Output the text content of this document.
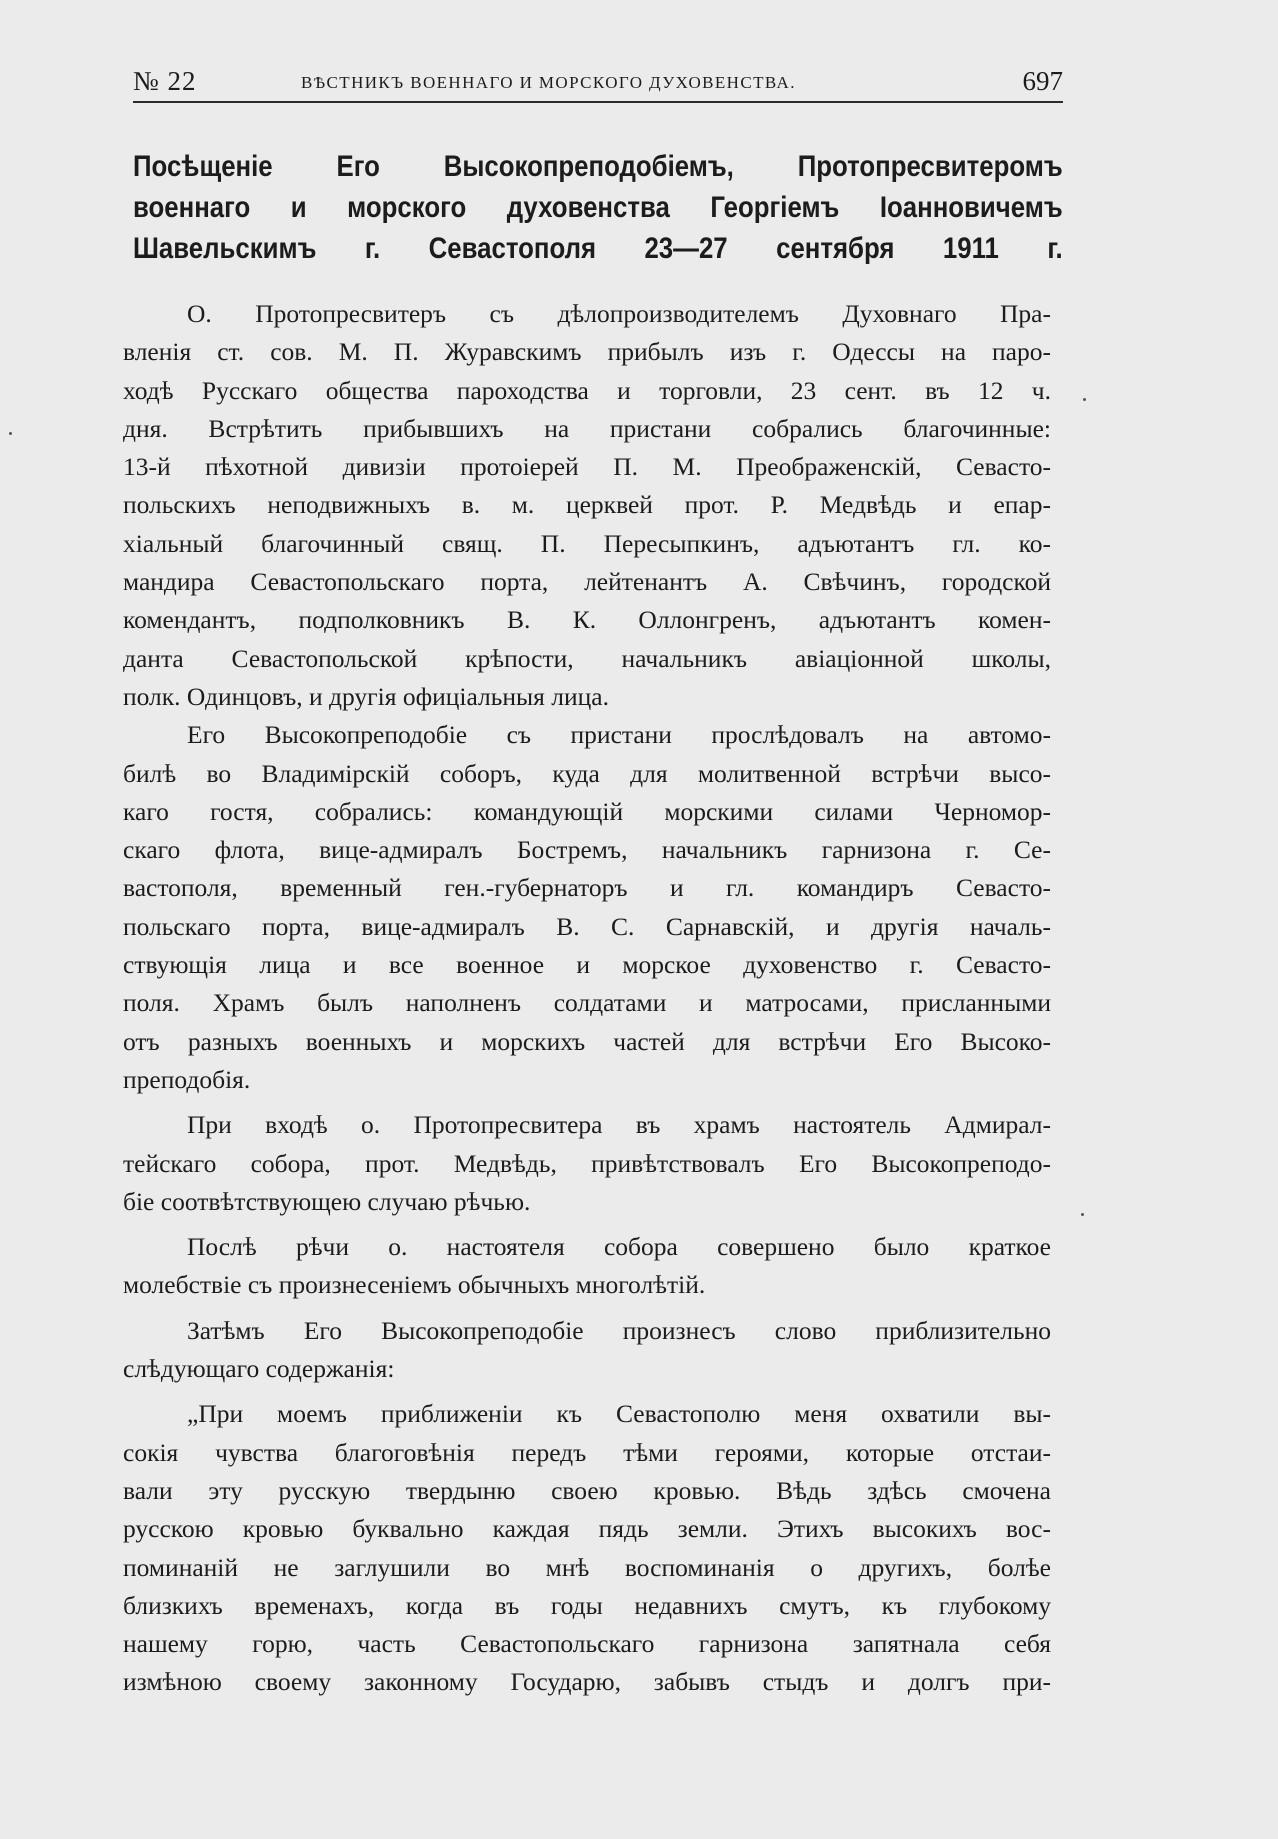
№ 22	ВѢСТНИКЪ ВОЕННАГО И МОРСКОГО ДУХОВЕНСТВА.	697
Посѣщеніе Его Высокопреподобіемъ, Протопресвитеромъ
военнаго и морского духовенства Георгіемъ Іоанновичемъ
Шавельскимъ г. Севастополя 23—27 сентября 1911 г.
О. Протопресвитеръ съ дѣлопроизводителемъ Духовнаго Пра-
вленія ст. сов. М. П. Журавскимъ прибылъ изъ г. Одессы на паро-
ходѣ Русскаго общества пароходства и торговли, 23 сент. въ 12 ч.
дня. Встрѣтить прибывшихъ на пристани собрались благочинные:
13-й пѣхотной дивизіи протоіерей П. М. Преображенскій, Севасто-
польскихъ неподвижныхъ в. м. церквей прот. Р. Медвѣдь и епар-
хіальный благочинный свящ. П. Пересыпкинъ, адъютантъ гл. ко-
мандира Севастопольскаго порта, лейтенантъ А. Свѣчинъ, городской
комендантъ, подполковникъ В. К. Оллонгренъ, адъютантъ комен-
данта Севастопольской крѣпости, начальникъ авіаціонной школы,
полк. Одинцовъ, и другія офиціальныя лица.
Его Высокопреподобіе съ пристани прослѣдовалъ на автомо-
билѣ во Владимірскій соборъ, куда для молитвенной встрѣчи высо-
каго гостя, собрались: командующій морскими силами Черномор-
скаго флота, вице-адмиралъ Бостремъ, начальникъ гарнизона г. Се-
вастополя, временный ген.-губернаторъ и гл. командиръ Севасто-
польскаго порта, вице-адмиралъ В. С. Сарнавскій, и другія началь-
ствующія лица и все военное и морское духовенство г. Севасто-
поля. Храмъ былъ наполненъ солдатами и матросами, присланными
отъ разныхъ военныхъ и морскихъ частей для встрѣчи Его Высоко-
преподобія.
При входѣ о. Протопресвитера въ храмъ настоятель Адмирал-
тейскаго собора, прот. Медвѣдь, привѣтствовалъ Его Высокопреподо-
біе соотвѣтствующею случаю рѣчью.
Послѣ рѣчи о. настоятеля собора совершено было краткое
молебствіе съ произнесеніемъ обычныхъ многолѣтій.
Затѣмъ Его Высокопреподобіе произнесъ слово приблизительно
слѣдующаго содержанія:
„При моемъ приближеніи къ Севастополю меня охватили вы-
сокія чувства благоговѣнія передъ тѣми героями, которые отстаи-
вали эту русскую твердыню своею кровью. Вѣдь здѣсь смочена
русскою кровью буквально каждая пядь земли. Этихъ высокихъ вос-
поминаній не заглушили во мнѣ воспоминанія о другихъ, болѣе
близкихъ временахъ, когда въ годы недавнихъ смутъ, къ глубокому
нашему горю, часть Севастопольскаго гарнизона запятнала себя
измѣною своему законному Государю, забывъ стыдъ и долгъ при-
